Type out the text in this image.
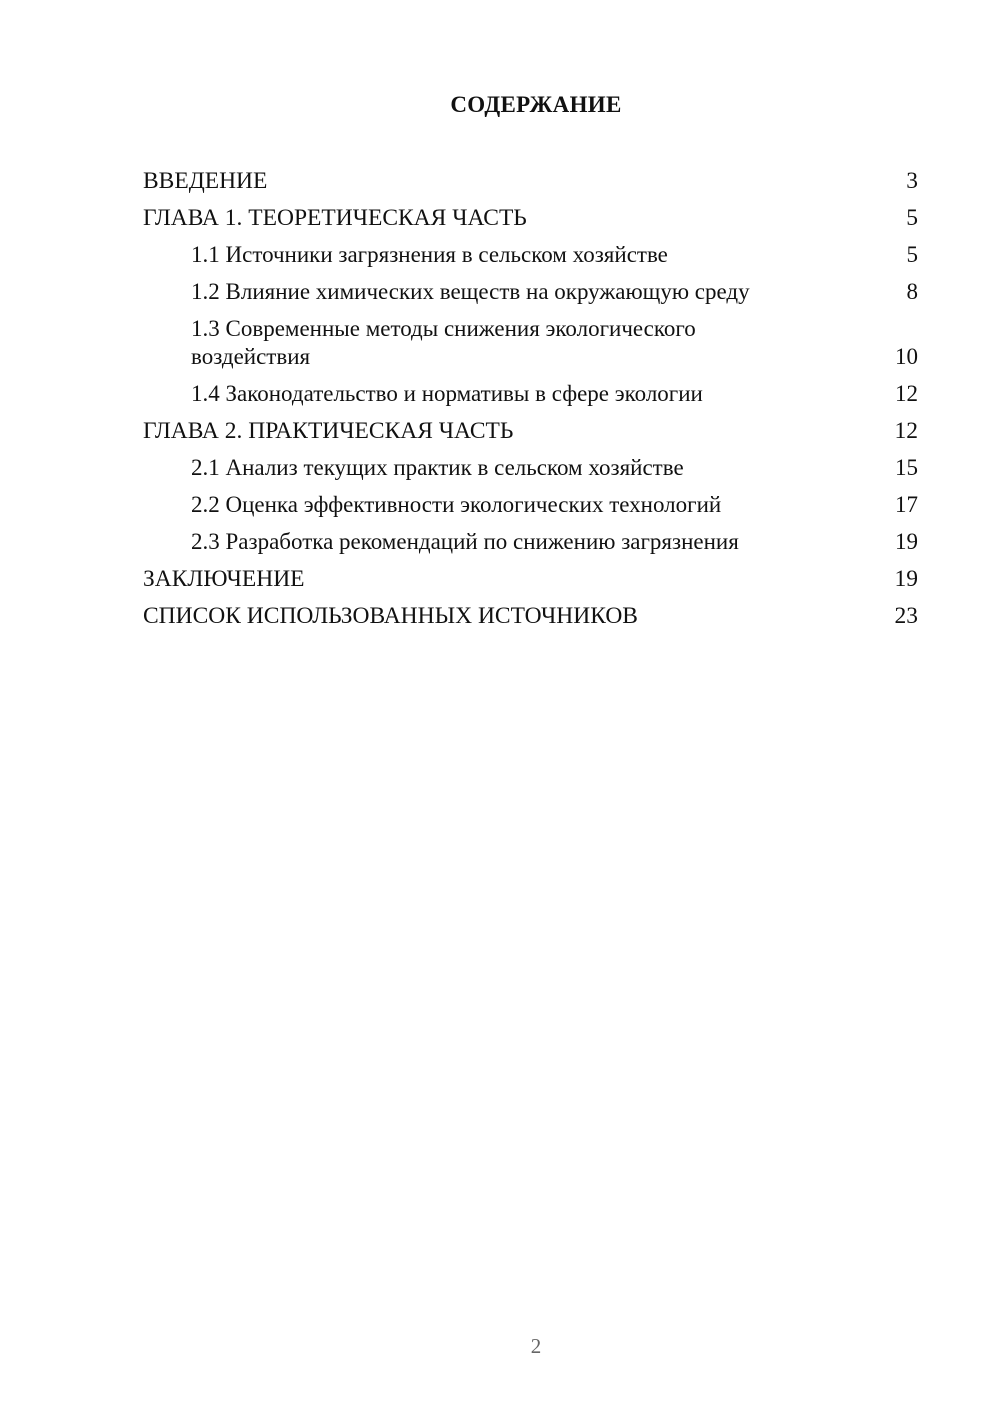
СОДЕРЖАНИЕ
ВВЕДЕНИЕ	3
ГЛАВА 1. ТЕОРЕТИЧЕСКАЯ ЧАСТЬ	5
1.1 Источники загрязнения в сельском хозяйстве	5
1.2 Влияние химических веществ на окружающую среду	8
1.3 Современные методы снижения экологического воздействия	10
1.4 Законодательство и нормативы в сфере экологии	12
ГЛАВА 2. ПРАКТИЧЕСКАЯ ЧАСТЬ	12
2.1 Анализ текущих практик в сельском хозяйстве	15
2.2 Оценка эффективности экологических технологий	17
2.3 Разработка рекомендаций по снижению загрязнения	19
ЗАКЛЮЧЕНИЕ	19
СПИСОК ИСПОЛЬЗОВАННЫХ ИСТОЧНИКОВ	23
2
